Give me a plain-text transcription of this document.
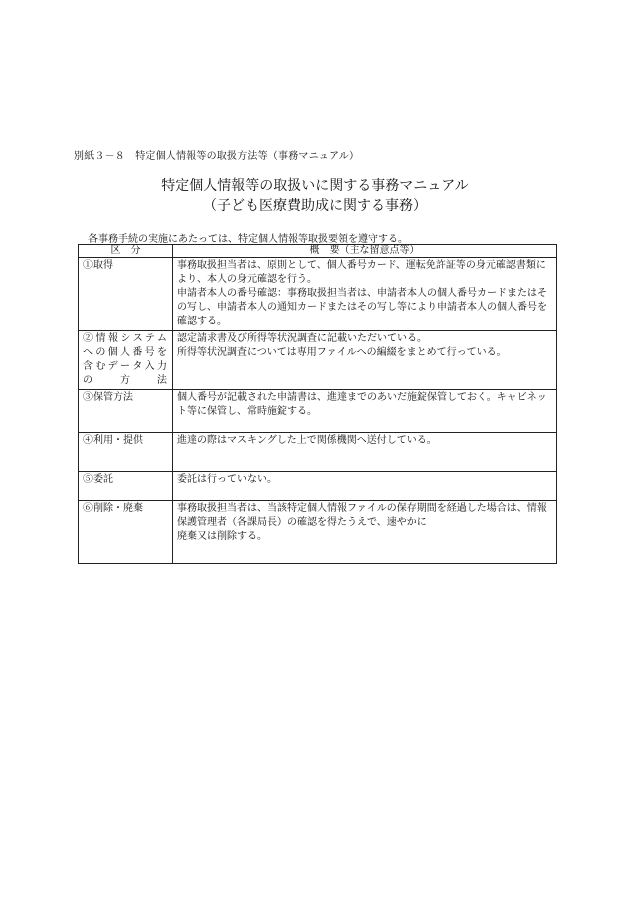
別紙３－８　特定個人情報等の取扱方法等（事務マニュアル）
特定個人情報等の取扱いに関する事務マニュアル
（子ども医療費助成に関する事務）
各事務手続の実施にあたっては、特定個人情報等取扱要領を遵守する。
区　分	概　要（主な留意点等）

①取得	事務取扱担当者は、原則として、個人番号カード、運転免許証等の身元確認書類により、本人の身元確認を行う。
申請者本人の番号確認：事務取扱担当者は、申請者本人の個人番号カードまたはその写し、申請者本人の通知カードまたはその写し等により申請者本人の個人番号を確認する。

②情報システムへの個人番号を含むデータ入力の方法	認定請求書及び所得等状況調査に記載いただいている。
所得等状況調査については専用ファイルへの編綴をまとめて行っている。

③保管方法	個人番号が記載された申請書は、進達までのあいだ施錠保管しておく。キャビネット等に保管し、常時施錠する。

④利用・提供	進達の際はマスキングした上で関係機関へ送付している。

⑤委託	委託は行っていない。

⑥削除・廃棄	事務取扱担当者は、当該特定個人情報ファイルの保存期間を経過した場合は、情報保護管理者（各課局長）の確認を得たうえで、速やかに
廃棄又は削除する。
